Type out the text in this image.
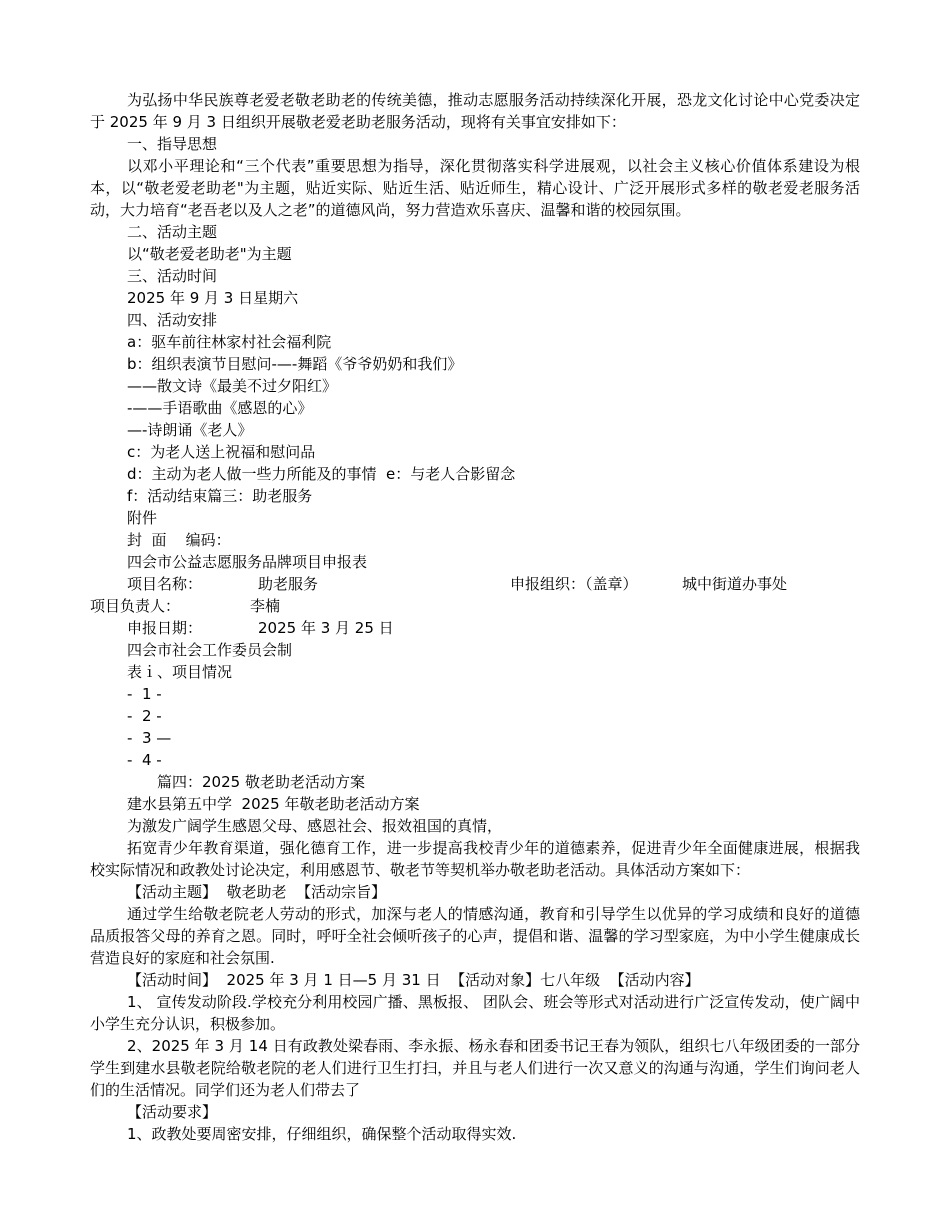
为弘扬中华民族尊老爱老敬老助老的传统美德，推动志愿服务活动持续深化开展，恐龙文化讨论中心党委决定于 2025 年 9 月 3 日组织开展敬老爱老助老服务活动，现将有关事宜安排如下：
一、指导思想
以邓小平理论和“三个代表”重要思想为指导，深化贯彻落实科学进展观，以社会主义核心价值体系建设为根本，以“敬老爱老助老"为主题，贴近实际、贴近生活、贴近师生，精心设计、广泛开展形式多样的敬老爱老服务活动，大力培育“老吾老以及人之老”的道德风尚，努力营造欢乐喜庆、温馨和谐的校园氛围。
二、活动主题
以“敬老爱老助老"为主题
三、活动时间
2025 年 9 月 3 日星期六
四、活动安排
a：驱车前往林家村社会福利院
b：组织表演节目慰问-—-舞蹈《爷爷奶奶和我们》
——散文诗《最美不过夕阳红》
-——手语歌曲《感恩的心》
—-诗朗诵《老人》
c：为老人送上祝福和慰问品
d：主动为老人做一些力所能及的事情  e：与老人合影留念
f：活动结束篇三：助老服务
附件
封  面    编码：
四会市公益志愿服务品牌项目申报表
项目名称：	助老服务	申报组织：（盖章）	城中街道办事处
项目负责人：	李楠
申报日期：	2025 年 3 月 25 日
四会市社会工作委员会制
表ｉ、项目情况
-  1 -
-  2 -
-  3 —
-  4 -
篇四：2025 敬老助老活动方案
建水县第五中学  2025 年敬老助老活动方案
为激发广阔学生感恩父母、感恩社会、报效祖国的真情，
拓宽青少年教育渠道，强化德育工作，进一步提高我校青少年的道德素养，促进青少年全面健康进展，根据我校实际情况和政教处讨论决定，利用感恩节、敬老节等契机举办敬老助老活动。具体活动方案如下：
【活动主题】  敬老助老  【活动宗旨】
通过学生给敬老院老人劳动的形式，加深与老人的情感沟通，教育和引导学生以优异的学习成绩和良好的道德品质报答父母的养育之恩。同时，呼吁全社会倾听孩子的心声，提倡和谐、温馨的学习型家庭，为中小学生健康成长营造良好的家庭和社会氛围.
【活动时间】  2025 年 3 月 1 日—5 月 31 日  【活动对象】七八年级  【活动内容】
1、 宣传发动阶段.学校充分利用校园广播、黑板报、 团队会、班会等形式对活动进行广泛宣传发动，使广阔中小学生充分认识，积极参加。
2、2025 年 3 月 14 日有政教处梁春雨、李永振、杨永春和团委书记王春为领队，组织七八年级团委的一部分学生到建水县敬老院给敬老院的老人们进行卫生打扫，并且与老人们进行一次又意义的沟通与沟通，学生们询问老人们的生活情况。同学们还为老人们带去了
【活动要求】
1、政教处要周密安排，仔细组织，确保整个活动取得实效.
